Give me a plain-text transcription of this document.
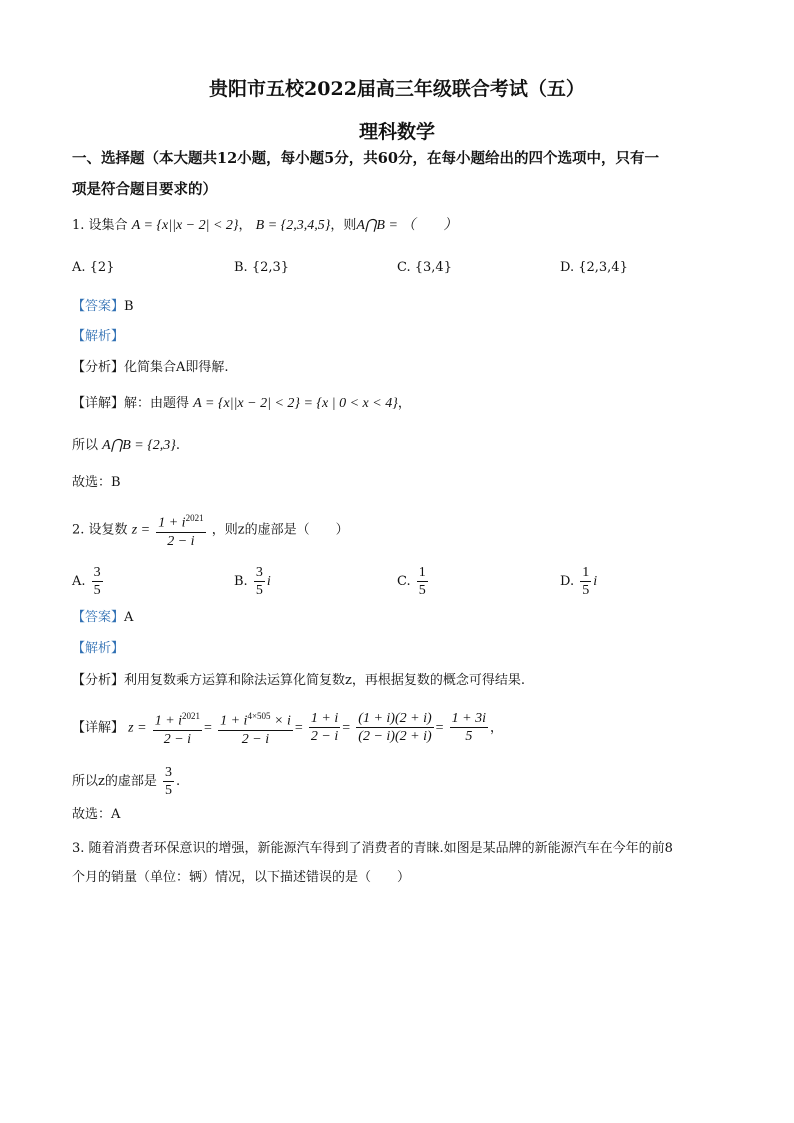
贵阳市五校2022届高三年级联合考试（五）
理科数学
一、选择题（本大题共12小题，每小题5分，共60分，在每小题给出的四个选项中，只有一
项是符合题目要求的）
1. 设集合 A = {x||x − 2| < 2}， B = {2,3,4,5}，则A⋂B = （　　）
A. {2}	B. {2,3}	C. {3,4}	D. {2,3,4}
【答案】B
【解析】
【分析】化简集合A即得解.
【详解】解：由题得 A = {x||x − 2| < 2} = {x | 0 < x < 4}，
所以 A⋂B = {2,3}.
故选：B
2. 设复数 $z = \frac{1 + i^{2021}}{2 - i}$ ，则z的虚部是（　　）
A. $\frac{3}{5}$	B. $\frac{3}{5}$ i	C. $\frac{1}{5}$	D. $\frac{1}{5}$ i
【答案】A
【解析】
【分析】利用复数乘方运算和除法运算化简复数z，再根据复数的概念可得结果.
【详解】 $z = \frac{1 + i^{2021}}{2 - i} = \frac{1 + i^{4\times 505} \times i}{2 - i} = \frac{1 + i}{2 - i} = \frac{(1 + i)(2 + i)}{(2 - i)(2 + i)} = \frac{1 + 3i}{5}$ ，
所以z的虚部是 $\frac{3}{5}$ .
故选：A
3. 随着消费者环保意识的增强，新能源汽车得到了消费者的青睐.如图是某品牌的新能源汽车在今年的前8
个月的销量（单位：辆）情况，以下描述错误的是（　　）
